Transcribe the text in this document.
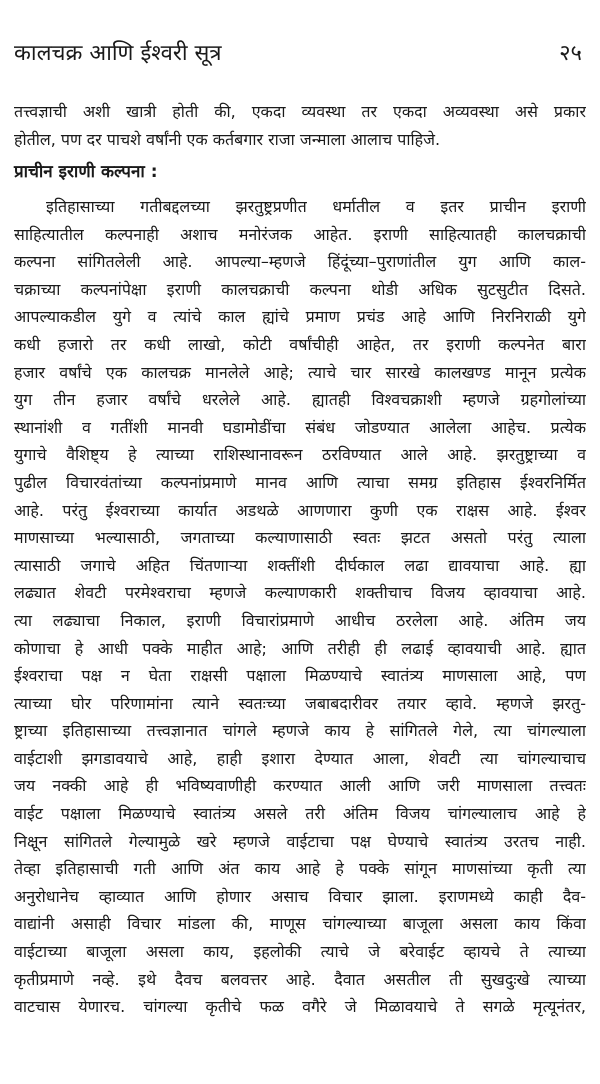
कालचक्र आणि ईश्वरी सूत्र	२५
तत्त्वज्ञाची अशी खात्री होती की, एकदा व्यवस्था तर एकदा अव्यवस्था असे प्रकार
होतील, पण दर पाचशे वर्षांनी एक कर्तबगार राजा जन्माला आलाच पाहिजे.
प्राचीन इराणी कल्पना :
इतिहासाच्या गतीबद्दलच्या झरतुष्ट्रप्रणीत धर्मातील व इतर प्राचीन इराणी
साहित्यातील कल्पनाही अशाच मनोरंजक आहेत. इराणी साहित्यातही कालचक्राची
कल्पना सांगितलेली आहे. आपल्या–म्हणजे हिंदूंच्या–पुराणांतील युग आणि काल-
चक्राच्या कल्पनांपेक्षा इराणी कालचक्राची कल्पना थोडी अधिक सुटसुटीत दिसते.
आपल्याकडील युगे व त्यांचे काल ह्यांचे प्रमाण प्रचंड आहे आणि निरनिराळी युगे
कधी हजारो तर कधी लाखो, कोटी वर्षांचीही आहेत, तर इराणी कल्पनेत बारा
हजार वर्षांचे एक कालचक्र मानलेले आहे; त्याचे चार सारखे कालखण्ड मानून प्रत्येक
युग तीन हजार वर्षांचे धरलेले आहे. ह्यातही विश्वचक्राशी म्हणजे ग्रहगोलांच्या
स्थानांशी व गतींशी मानवी घडामोडींचा संबंध जोडण्यात आलेला आहेच. प्रत्येक
युगाचे वैशिष्ट्य हे त्याच्या राशिस्थानावरून ठरविण्यात आले आहे. झरतुष्ट्राच्या व
पुढील विचारवंतांच्या कल्पनांप्रमाणे मानव आणि त्याचा समग्र इतिहास ईश्वरनिर्मित
आहे. परंतु ईश्वराच्या कार्यात अडथळे आणणारा कुणी एक राक्षस आहे. ईश्वर
माणसाच्या भल्यासाठी, जगताच्या कल्याणासाठी स्वतः झटत असतो परंतु त्याला
त्यासाठी जगाचे अहित चिंतणाऱ्या शक्तींशी दीर्घकाल लढा द्यावयाचा आहे. ह्या
लढ्यात शेवटी परमेश्वराचा म्हणजे कल्याणकारी शक्तीचाच विजय व्हावयाचा आहे.
त्या लढ्याचा निकाल, इराणी विचारांप्रमाणे आधीच ठरलेला आहे. अंतिम जय
कोणाचा हे आधी पक्के माहीत आहे; आणि तरीही ही लढाई व्हावयाची आहे. ह्यात
ईश्वराचा पक्ष न घेता राक्षसी पक्षाला मिळण्याचे स्वातंत्र्य माणसाला आहे, पण
त्याच्या घोर परिणामांना त्याने स्वतःच्या जबाबदारीवर तयार व्हावे. म्हणजे झरतु-
ष्ट्राच्या इतिहासाच्या तत्त्वज्ञानात चांगले म्हणजे काय हे सांगितले गेले, त्या चांगल्याला
वाईटाशी झगडावयाचे आहे, हाही इशारा देण्यात आला, शेवटी त्या चांगल्याचाच
जय नक्की आहे ही भविष्यवाणीही करण्यात आली आणि जरी माणसाला तत्त्वतः
वाईट पक्षाला मिळण्याचे स्वातंत्र्य असले तरी अंतिम विजय चांगल्यालाच आहे हे
निक्षून सांगितले गेल्यामुळे खरे म्हणजे वाईटाचा पक्ष घेण्याचे स्वातंत्र्य उरतच नाही.
तेव्हा इतिहासाची गती आणि अंत काय आहे हे पक्के सांगून माणसांच्या कृती त्या
अनुरोधानेच व्हाव्यात आणि होणार असाच विचार झाला. इराणमध्ये काही दैव-
वाद्यांनी असाही विचार मांडला की, माणूस चांगल्याच्या बाजूला असला काय किंवा
वाईटाच्या बाजूला असला काय, इहलोकी त्याचे जे बरेवाईट व्हायचे ते त्याच्या
कृतीप्रमाणे नव्हे. इथे दैवच बलवत्तर आहे. दैवात असतील ती सुखदुःखे त्याच्या
वाटचास येणारच. चांगल्या कृतीचे फळ वगैरे जे मिळावयाचे ते सगळे मृत्यूनंतर,
